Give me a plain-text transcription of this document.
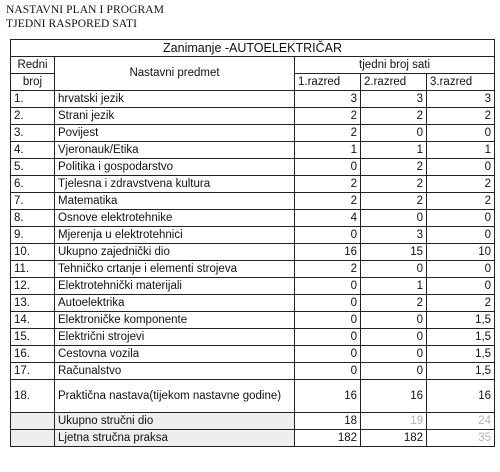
NASTAVNI PLAN I PROGRAM
TJEDNI RASPORED SATI
Zanimanje -AUTOELEKTRIČAR				
Redni	Nastavni predmet	tjedni broj sati		
broj		1.razred	2.razred	3.razred
1.	hrvatski jezik	3	3	3
2.	Strani jezik	2	2	2
3.	Povijest	2	0	0
4.	Vjeronauk/Etika	1	1	1
5.	Politika i gospodarstvo	0	2	0
6.	Tjelesna i zdravstvena kultura	2	2	2
7.	Matematika	2	2	2
8.	Osnove elektrotehnike	4	0	0
9.	Mjerenja u elektrotehnici	0	3	0
10.	Ukupno zajednički dio	16	15	10
11.	Tehničko crtanje i elementi strojeva	2	0	0
12.	Elektrotehnički materijali	0	1	0
13.	Autoelektrika	0	2	2
14.	Elektroničke komponente	0	0	1,5
15.	Električni strojevi	0	0	1,5
16.	Cestovna vozila	0	0	1,5
17.	Računalstvo	0	0	1,5
18.	Praktična nastava(tijekom nastavne godine)	16	16	16
	Ukupno stručni dio	18	19	24
	Ljetna stručna praksa	182	182	35
